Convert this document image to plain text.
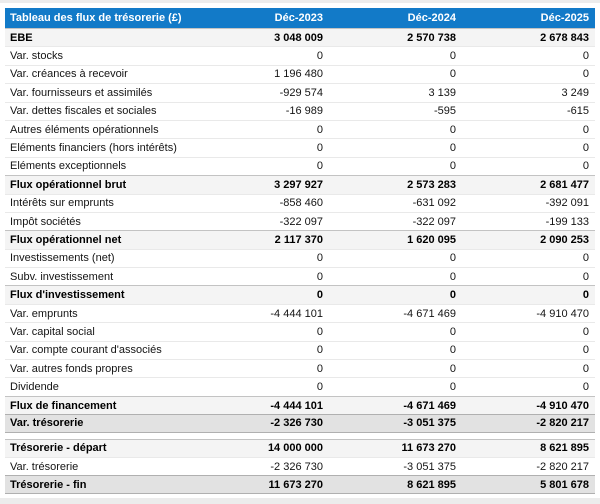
Tableau des flux de trésorerie (£)	Déc-2023	Déc-2024	Déc-2025
EBE	3 048 009	2 570 738	2 678 843
Var. stocks	0	0	0
Var. créances à recevoir	1 196 480	0	0
Var. fournisseurs et assimilés	-929 574	3 139	3 249
Var. dettes fiscales et sociales	-16 989	-595	-615
Autres éléments opérationnels	0	0	0
Eléments financiers (hors intérêts)	0	0	0
Eléments exceptionnels	0	0	0
Flux opérationnel brut	3 297 927	2 573 283	2 681 477
Intérêts sur emprunts	-858 460	-631 092	-392 091
Impôt sociétés	-322 097	-322 097	-199 133
Flux opérationnel net	2 117 370	1 620 095	2 090 253
Investissements (net)	0	0	0
Subv. investissement	0	0	0
Flux d'investissement	0	0	0
Var. emprunts	-4 444 101	-4 671 469	-4 910 470
Var. capital social	0	0	0
Var. compte courant d'associés	0	0	0
Var. autres fonds propres	0	0	0
Dividende	0	0	0
Flux de financement	-4 444 101	-4 671 469	-4 910 470
Var. trésorerie	-2 326 730	-3 051 375	-2 820 217
Trésorerie - départ	14 000 000	11 673 270	8 621 895
Var. trésorerie	-2 326 730	-3 051 375	-2 820 217
Trésorerie - fin	11 673 270	8 621 895	5 801 678
